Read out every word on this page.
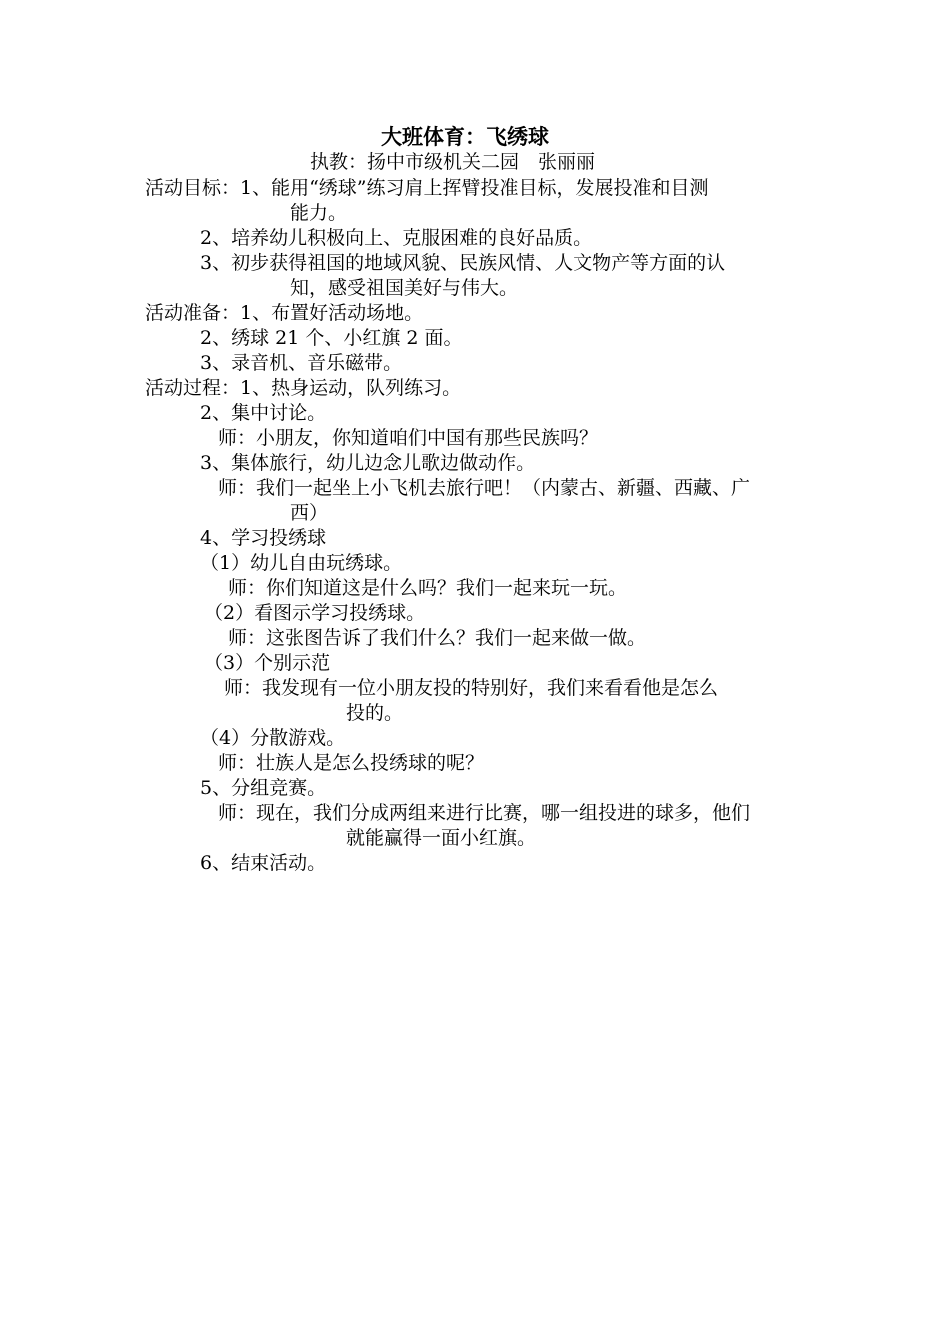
大班体育：飞绣球
执教：扬中市级机关二园　张丽丽
活动目标：1、能用“绣球”练习肩上挥臂投准目标，发展投准和目测
能力。
2、培养幼儿积极向上、克服困难的良好品质。
3、初步获得祖国的地域风貌、民族风情、人文物产等方面的认
知，感受祖国美好与伟大。
活动准备：1、布置好活动场地。
2、绣球 21 个、小红旗 2 面。
3、录音机、音乐磁带。
活动过程：1、热身运动，队列练习。
2、集中讨论。
师：小朋友，你知道咱们中国有那些民族吗？
3、集体旅行，幼儿边念儿歌边做动作。
师：我们一起坐上小飞机去旅行吧！（内蒙古、新疆、西藏、广
西）
4、学习投绣球
（1）幼儿自由玩绣球。
师：你们知道这是什么吗？我们一起来玩一玩。
（2）看图示学习投绣球。
师：这张图告诉了我们什么？我们一起来做一做。
（3）个别示范
师：我发现有一位小朋友投的特别好，我们来看看他是怎么
投的。
（4）分散游戏。
师：壮族人是怎么投绣球的呢？
5、分组竞赛。
师：现在，我们分成两组来进行比赛，哪一组投进的球多，他们
就能赢得一面小红旗。
6、结束活动。
